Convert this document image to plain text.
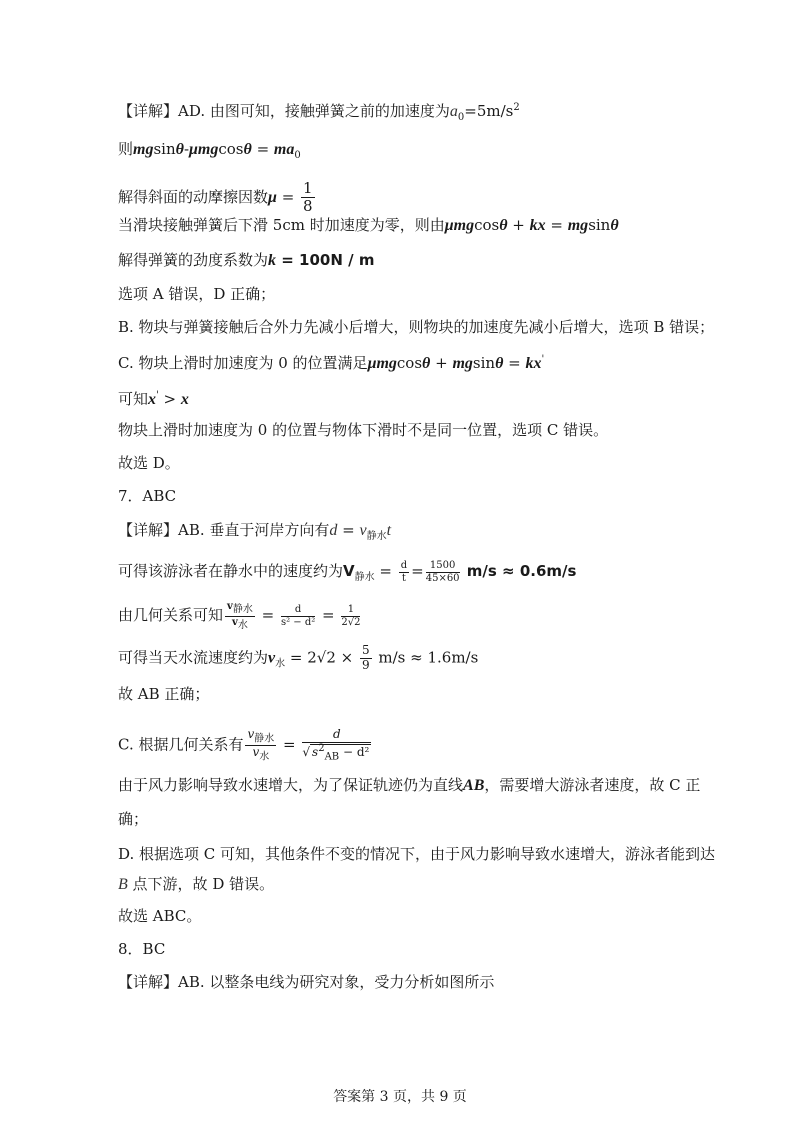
【详解】AD. 由图可知，接触弹簧之前的加速度为$a_0=5m/s^2$
则$mgsin\theta-\mu mgcos\theta = ma_0$
解得斜面的动摩擦因数$\mu = \frac{1}{8}$
当滑块接触弹簧后下滑 5cm 时加速度为零，则由μmgcosθ + kx = mgsinθ
解得弹簧的劲度系数为k = 100N / m
选项 A 错误，D 正确；
B. 物块与弹簧接触后合外力先减小后增大，则物块的加速度先减小后增大，选项 B 错误；
C. 物块上滑时加速度为 0 的位置满足μmgcosθ + mgsinθ = kx'
可知x' > x
物块上滑时加速度为 0 的位置与物体下滑时不是同一位置，选项 C 错误。
故选 D。
7．ABC
【详解】AB. 垂直于河岸方向有$d = v_{静水}t$
可得该游泳者在静水中的速度约为$V_{静水} = \frac{d}{t} = \frac{1500}{45\times 60} m/s \approx 0.6m/s$
由几何关系可知 $\frac{v_{静水}}{v_水} = \frac{d}{\text{s² − d²}} = \frac{1}{2√2}$
可得当天水流速度约为$v_水 = 2√2 \times \frac{5}{9} m/s \approx 1.6m/s$
故 AB 正确；
C. 根据几何关系有 $\frac{v_{静水}}{v_水} = \frac{d}{√ s^2_{AB} - d^2}$
由于风力影响导致水速增大，为了保证轨迹仍为直线AB，需要增大游泳者速度，故 C 正
确；
D. 根据选项 C 可知，其他条件不变的情况下，由于风力影响导致水速增大，游泳者能到达
B 点下游，故 D 错误。
故选 ABC。
8．BC
【详解】AB. 以整条电线为研究对象，受力分析如图所示
答案第 3 页，共 9 页
